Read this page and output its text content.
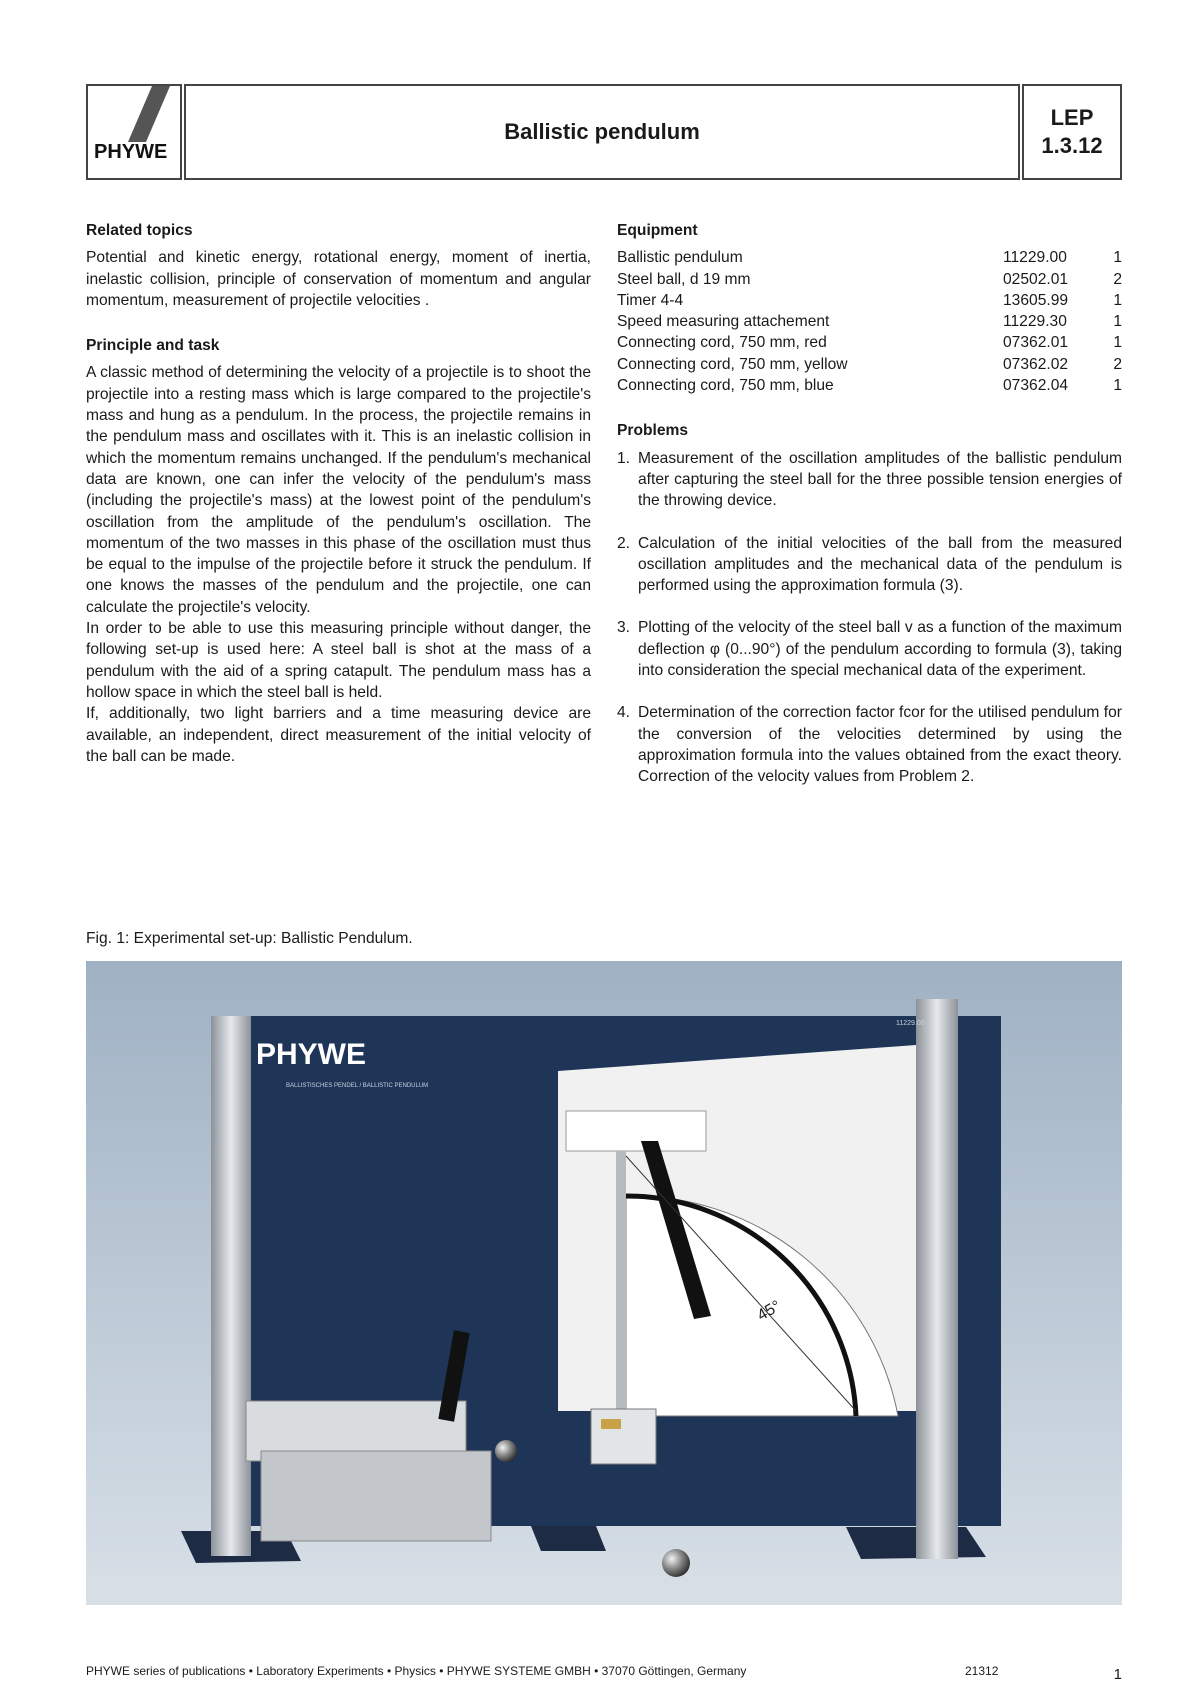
PHYWE
Ballistic pendulum
LEP
1.3.12
Related topics

Potential and kinetic energy, rotational energy, moment of inertia, inelastic collision, principle of conservation of momentum and angular momentum, measurement of projectile velocities .

Principle and task

A classic method of determining the velocity of a projectile is to shoot the projectile into a resting mass which is large compared to the projectile's mass and hung as a pendulum. In the process, the projectile remains in the pendulum mass and oscillates with it. This is an inelastic collision in which the momentum remains unchanged. If the pendulum's mechanical data are known, one can infer the velocity of the pendulum's mass (including the projectile's mass) at the lowest point of the pendulum's oscillation from the amplitude of the pendulum's oscillation. The momentum of the two masses in this phase of the oscillation must thus be equal to the impulse of the projectile before it struck the pendulum. If one knows the masses of the pendulum and the projectile, one can calculate the projectile's velocity.

In order to be able to use this measuring principle without danger, the following set-up is used here: A steel ball is shot at the mass of a pendulum with the aid of a spring catapult. The pendulum mass has a hollow space in which the steel ball is held.

If, additionally, two light barriers and a time measuring device are available, an independent, direct measurement of the initial velocity of the ball can be made.

Equipment
Ballistic pendulum	11229.00	1
Steel ball, d 19 mm	02502.01	2
Timer 4-4	13605.99	1
Speed measuring attachement	11229.30	1
Connecting cord, 750 mm, red	07362.01	1
Connecting cord, 750 mm, yellow	07362.02	2
Connecting cord, 750 mm, blue	07362.04	1
Problems
1. Measurement of the oscillation amplitudes of the ballistic pendulum after capturing the steel ball for the three possible tension energies of the throwing device.
2. Calculation of the initial velocities of the ball from the measured oscillation amplitudes and the mechanical data of the pendulum is performed using the approximation formula (3).
3. Plotting of the velocity of the steel ball v as a function of the maximum deflection φ (0...90°) of the pendulum according to formula (3), taking into consideration the special mechanical data of the experiment.
4. Determination of the correction factor fcor for the utilised pendulum for the conversion of the velocities determined by using the approximation formula into the values obtained from the exact theory. Correction of the velocity values from Problem 2.
Fig. 1: Experimental set-up: Ballistic Pendulum.
PHYWE
BALLISTISCHES PENDEL / BALLISTIC PENDULUM
11229.00
45°
PHYWE series of publications • Laboratory Experiments • Physics • PHYWE SYSTEME GMBH • 37070 Göttingen, Germany	21312	1
